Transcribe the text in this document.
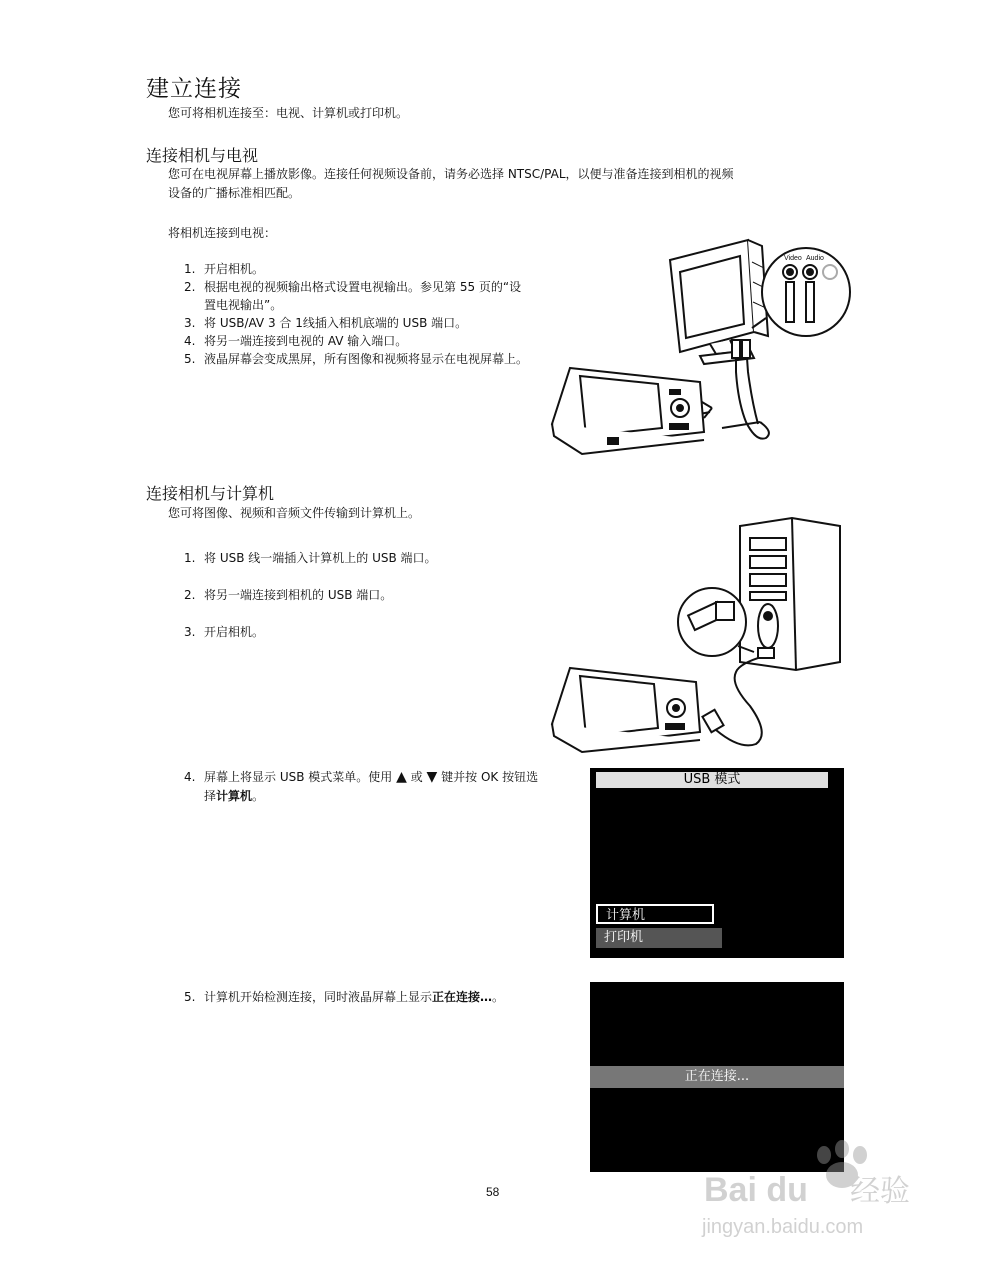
建立连接
您可将相机连接至：电视、计算机或打印机。
连接相机与电视
您可在电视屏幕上播放影像。连接任何视频设备前，请务必选择 NTSC/PAL，以便与准备连接到相机的视频
设备的广播标准相匹配。
将相机连接到电视：
1. 开启相机。
2. 根据电视的视频输出格式设置电视输出。参见第 55 页的“设置电视输出”。
3. 将 USB/AV 3 合 1线插入相机底端的 USB 端口。
4. 将另一端连接到电视的 AV 输入端口。
5. 液晶屏幕会变成黑屏，所有图像和视频将显示在电视屏幕上。
Video Audio
连接相机与计算机
您可将图像、视频和音频文件传输到计算机上。
1. 将 USB 线一端插入计算机上的 USB 端口。
2. 将另一端连接到相机的 USB 端口。
3. 开启相机。
4. 屏幕上将显示 USB 模式菜单。使用 ▲ 或 ▼ 键并按 OK 按钮选择计算机。
USB 模式
计算机
打印机
5. 计算机开始检测连接，同时液晶屏幕上显示正在连接…。
正在连接...
58	Bai du 经验
jingyan.baidu.com
